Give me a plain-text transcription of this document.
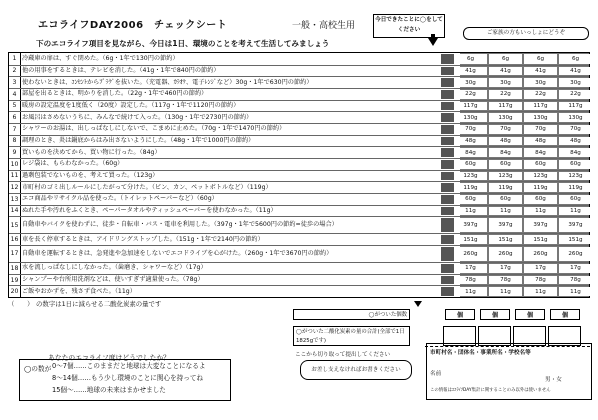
エコライフDAY2006　チェックシート	一般・高校生用
今日できたことに◯をしてください	ご家族の方もいっしょにどうぞ
下のエコライフ項目を見ながら、今日は1日、環境のことを考えて生活してみましょう
1 冷蔵庫の扉は、すぐ閉めた。（6g・1年で130円の節約）	6g	6g	6g	6g
2 他の用事をするときは、テレビを消した。（41g・1年で840円の節約）	41g	41g	41g	41g
3 使わないときは、ｺﾝｾﾝﾄからﾌﾟﾗｸﾞを抜いた。（充電器、ｶﾗｵｹ、電子ﾚﾝｼﾞなど）30g・1年で630円の節約）	30g	30g	30g	30g
4 部屋を出るときは、明かりを消した。（22g・1年で460円の節約）	22g	22g	22g	22g
5 暖房の設定温度を1度低く（20度）設定した。（117g・1年で1120円の節約）	117g	117g	117g	117g
6 お風呂はさめないうちに、みんなで続けて入った。（130g・1年で2730円の節約）	130g	130g	130g	130g
7 シャワーのお湯は、出しっぱなしにしないで、こまめに止めた。（70g・1年で1470円の節約）	70g	70g	70g	70g
8 調理のとき、炎は鍋底からはみ出さないようにした。（48g・1年で1000円の節約）	48g	48g	48g	48g
9 買いものを決めてから、買い物に行った。（84g）	84g	84g	84g	84g
10 レジ袋は、もらわなかった。（60g）	60g	60g	60g	60g
11 過剰包装でないものを、考えて買った。（123g）	123g	123g	123g	123g
12 市町村のゴミ出しルールにしたがって分けた。（ビン、カン、ペットボトルなど）（119g）	119g	119g	119g	119g
13 エコ商品やリサイクル品を使った。（トイレットペーパーなど）（60g）	60g	60g	60g	60g
14 ぬれた手や汚れをふくとき、ペーパータオルやティッシュペーパーを使わなかった。（11g）	11g	11g	11g	11g
15 自動車やバイクを使わずに、徒歩・自転車・バス・電車を利用した。（397g・1年で5600円の節約=徒歩の場合）	397g	397g	397g	397g
16 車を長く停車するときは、アイドリングストップした。（151g・1年で2140円の節約）	151g	151g	151g	151g
17 自動車を運転するときは、急発進や急加速をしないでエコドライブを心がけた。（260g・1年で3670円の節約）	260g	260g	260g	260g
18 水を流しっぱなしにしなかった。（歯磨き、シャワーなど）（17g）	17g	17g	17g	17g
19 シャンプーや台所用洗剤などは、使いすぎず適量使った。（78g）	78g	78g	78g	78g
20 ご飯やおかずを、残さず食べた。（11g）	11g	11g	11g	11g
（　　） の数字は1日に減らせる二酸化炭素の量です
◯がついた個数
◯がついた二酸化炭素の量の合計(全部で1日1825gです)
ここから切り取って提出してください
お差し支えなければお書きください
市町村名・団体名・事業所名・学校名等
名前
男・女
この情報はｴｺﾗｲﾌDAY集計に関することのみ以外は使いません
あなたのエコライフ度はどうでしたか？
◯の数が 0〜7個……このままだと地球は大変なことになるよ
8〜14個……もう少し環境のことに関心を持ってね
15個〜……地球の未来はまかせました
個	個	個	個
